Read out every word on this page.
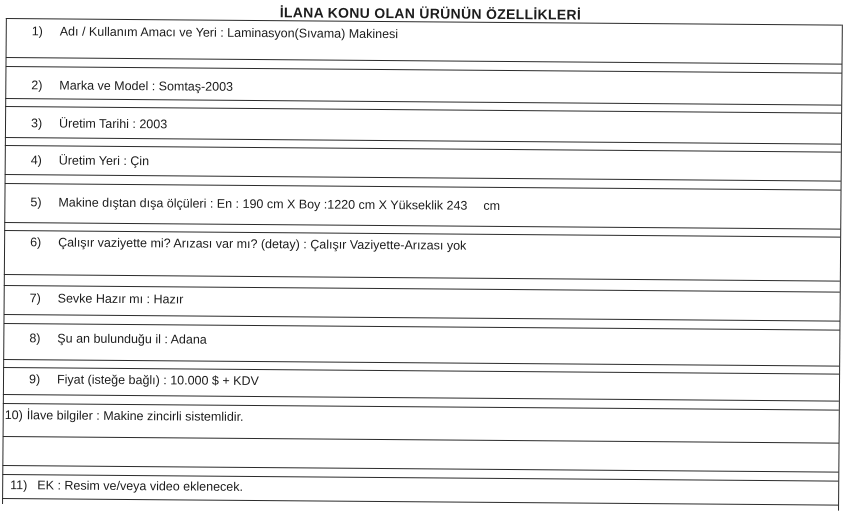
İLANA KONU OLAN ÜRÜNÜN ÖZELLİKLERİ
1) Adı / Kullanım Amacı ve Yeri : Laminasyon(Sıvama) Makinesi
2) Marka ve Model : Somtaş-2003
3) Üretim Tarihi : 2003
4) Üretim Yeri : Çin
5) Makine dıştan dışa ölçüleri : En : 190 cm X Boy :1220 cm X Yükseklik 243 cm
6) Çalışır vaziyette mi? Arızası var mı? (detay) : Çalışır Vaziyette-Arızası yok
7) Sevke Hazır mı : Hazır
8) Şu an bulunduğu il : Adana
9) Fiyat (isteğe bağlı) : 10.000 $ + KDV
10) İlave bilgiler : Makine zincirli sistemlidir.
11) EK : Resim ve/veya video eklenecek.
